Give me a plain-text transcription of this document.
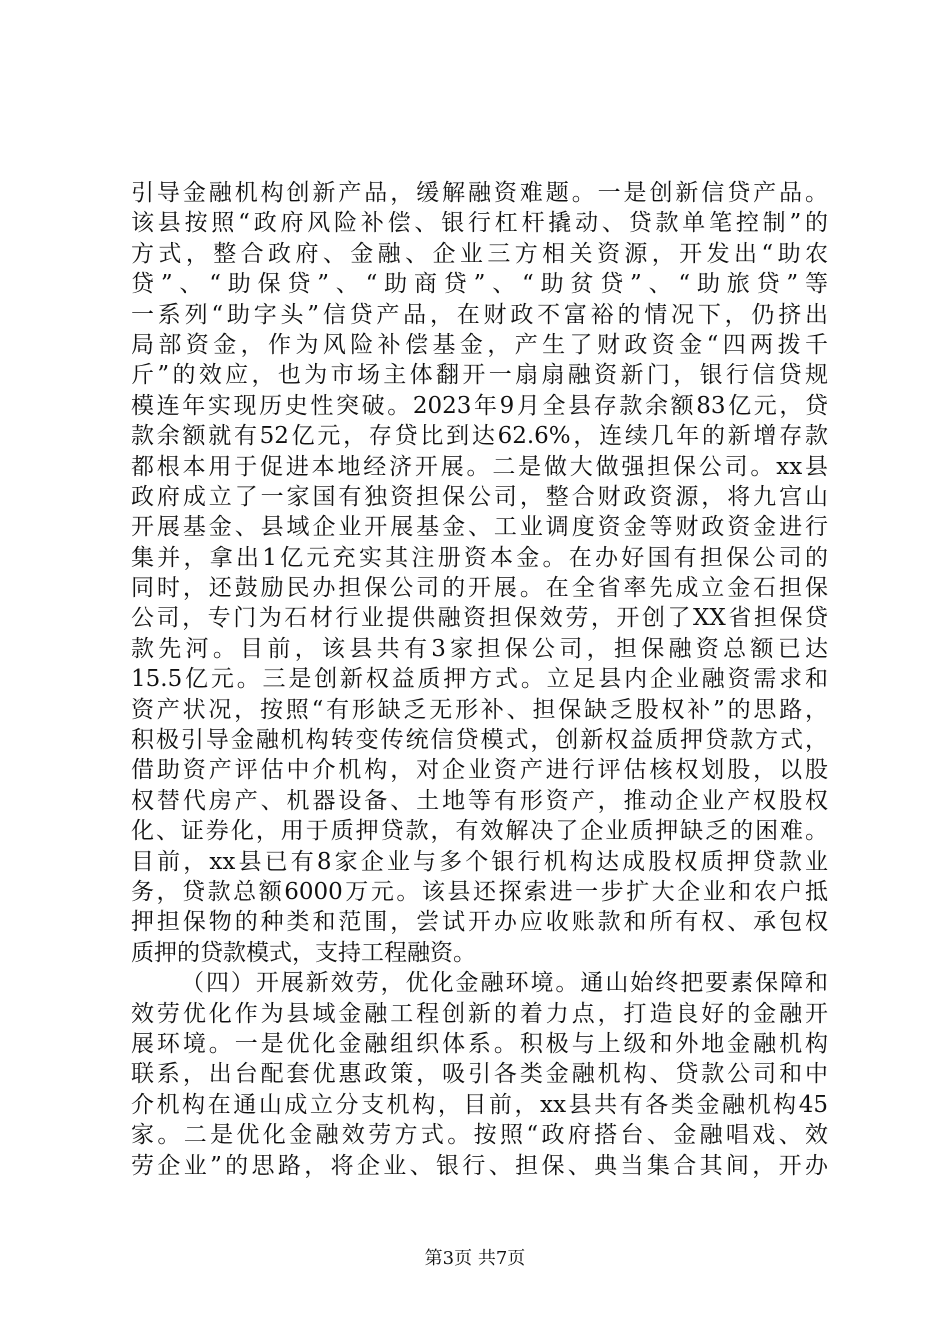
引导金融机构创新产品，缓解融资难题。一是创新信贷产品。
该县按照“政府风险补偿、银行杠杆撬动、贷款单笔控制”的
方式，整合政府、金融、企业三方相关资源，开发出“助农
贷”、“助保贷”、“助商贷”、“助贫贷”、“助旅贷”等
一系列“助字头”信贷产品，在财政不富裕的情况下，仍挤出
局部资金，作为风险补偿基金，产生了财政资金“四两拨千
斤”的效应，也为市场主体翻开一扇扇融资新门，银行信贷规
模连年实现历史性突破。2023年9月全县存款余额83亿元，贷
款余额就有52亿元，存贷比到达62.6%，连续几年的新增存款
都根本用于促进本地经济开展。二是做大做强担保公司。xx县
政府成立了一家国有独资担保公司，整合财政资源，将九宫山
开展基金、县域企业开展基金、工业调度资金等财政资金进行
集并，拿出1亿元充实其注册资本金。在办好国有担保公司的
同时，还鼓励民办担保公司的开展。在全省率先成立金石担保
公司，专门为石材行业提供融资担保效劳，开创了XX省担保贷
款先河。目前，该县共有3家担保公司，担保融资总额已达
15.5亿元。三是创新权益质押方式。立足县内企业融资需求和
资产状况，按照“有形缺乏无形补、担保缺乏股权补”的思路，
积极引导金融机构转变传统信贷模式，创新权益质押贷款方式，
借助资产评估中介机构，对企业资产进行评估核权划股，以股
权替代房产、机器设备、土地等有形资产，推动企业产权股权
化、证券化，用于质押贷款，有效解决了企业质押缺乏的困难。
目前，xx县已有8家企业与多个银行机构达成股权质押贷款业
务，贷款总额6000万元。该县还探索进一步扩大企业和农户抵
押担保物的种类和范围，尝试开办应收账款和所有权、承包权
质押的贷款模式，支持工程融资。
（四）开展新效劳，优化金融环境。通山始终把要素保障和
效劳优化作为县域金融工程创新的着力点，打造良好的金融开
展环境。一是优化金融组织体系。积极与上级和外地金融机构
联系，出台配套优惠政策，吸引各类金融机构、贷款公司和中
介机构在通山成立分支机构，目前，xx县共有各类金融机构45
家。二是优化金融效劳方式。按照“政府搭台、金融唱戏、效
劳企业”的思路，将企业、银行、担保、典当集合其间，开办
第3页 共7页
